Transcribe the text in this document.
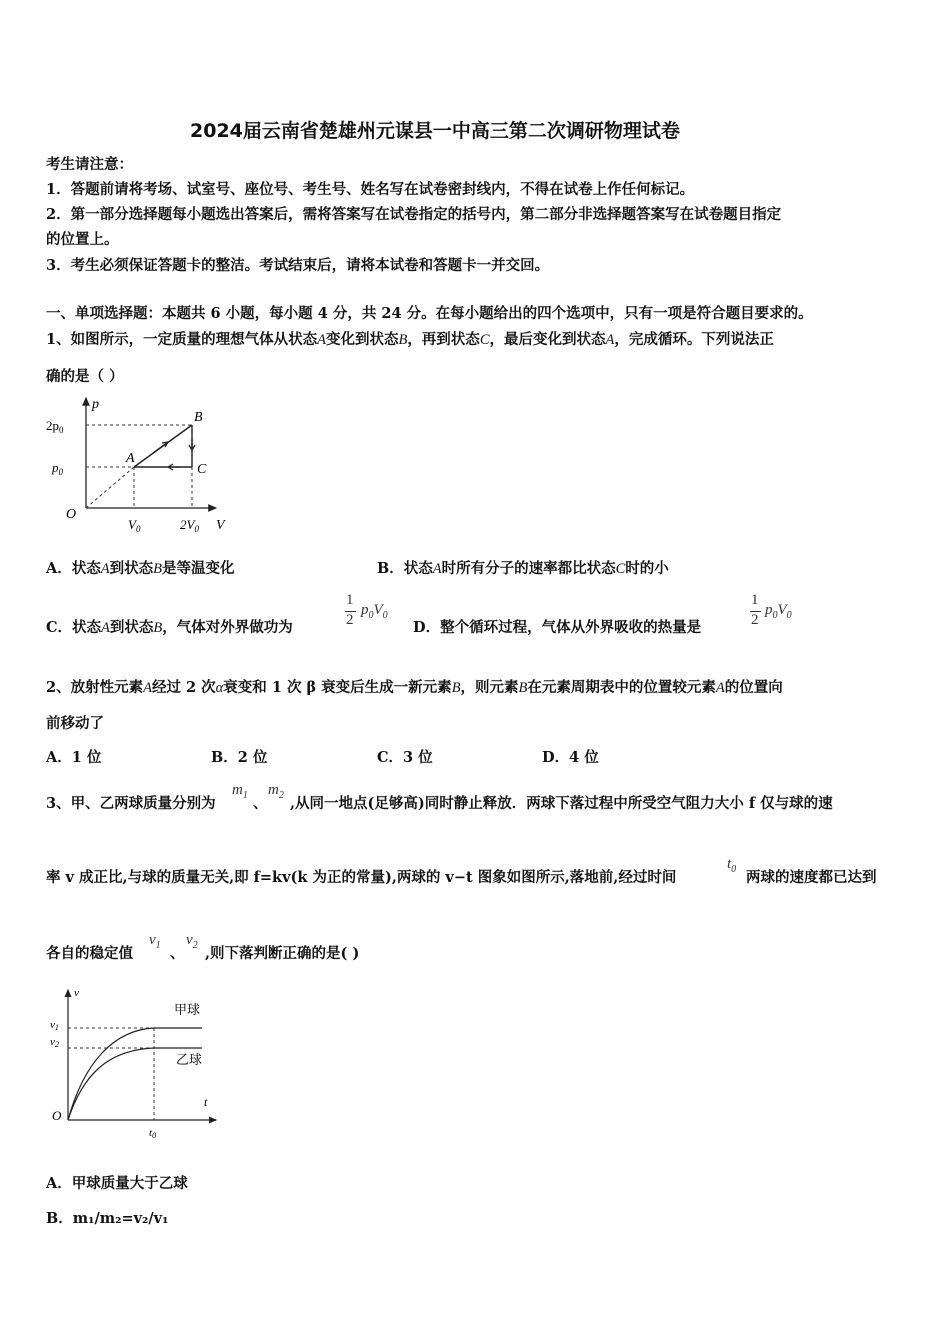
2024届云南省楚雄州元谋县一中高三第二次调研物理试卷
考生请注意：
1．答题前请将考场、试室号、座位号、考生号、姓名写在试卷密封线内，不得在试卷上作任何标记。
2．第一部分选择题每小题选出答案后，需将答案写在试卷指定的括号内，第二部分非选择题答案写在试卷题目指定
的位置上。
3．考生必须保证答题卡的整洁。考试结束后，请将本试卷和答题卡一并交回。
一、单项选择题：本题共 6 小题，每小题 4 分，共 24 分。在每小题给出的四个选项中，只有一项是符合题目要求的。
1、如图所示，一定质量的理想气体从状态A变化到状态B，再到状态C，最后变化到状态A，完成循环。下列说法正
确的是（ ）
p
V
O
$2p_0$
$p_0$
$V_0$	$2V_0$
A
B
C
A．状态A到状态B是等温变化	B．状态A时所有分子的速率都比状态C时的小
C．状态A到状态B，气体对外界做功为
1
2
$p_0V_0$
D．整个循环过程，气体从外界吸收的热量是
1
2
$p_0V_0$
2、放射性元素A经过 2 次α衰变和 1 次 β 衰变后生成一新元素B，则元素B在元素周期表中的位置较元素A的位置向
前移动了
A．1 位	B．2 位	C．3 位	D．4 位
3、甲、乙两球质量分别为
$m_1$ 、
$m_2$ ,从同一地点(足够高)同时静止释放．两球下落过程中所受空气阻力大小 f 仅与球的速
率 v 成正比,与球的质量无关,即 f=kv(k 为正的常量),两球的 v−t 图象如图所示,落地前,经过时间
$t_0$ 两球的速度都已达到
各自的稳定值
$v_1$ 、
$v_2$ ,则下落判断正确的是( )
v
t
O
v1
v2
t0
甲球
乙球
A．甲球质量大于乙球
B．m₁/m₂=v₂/v₁
